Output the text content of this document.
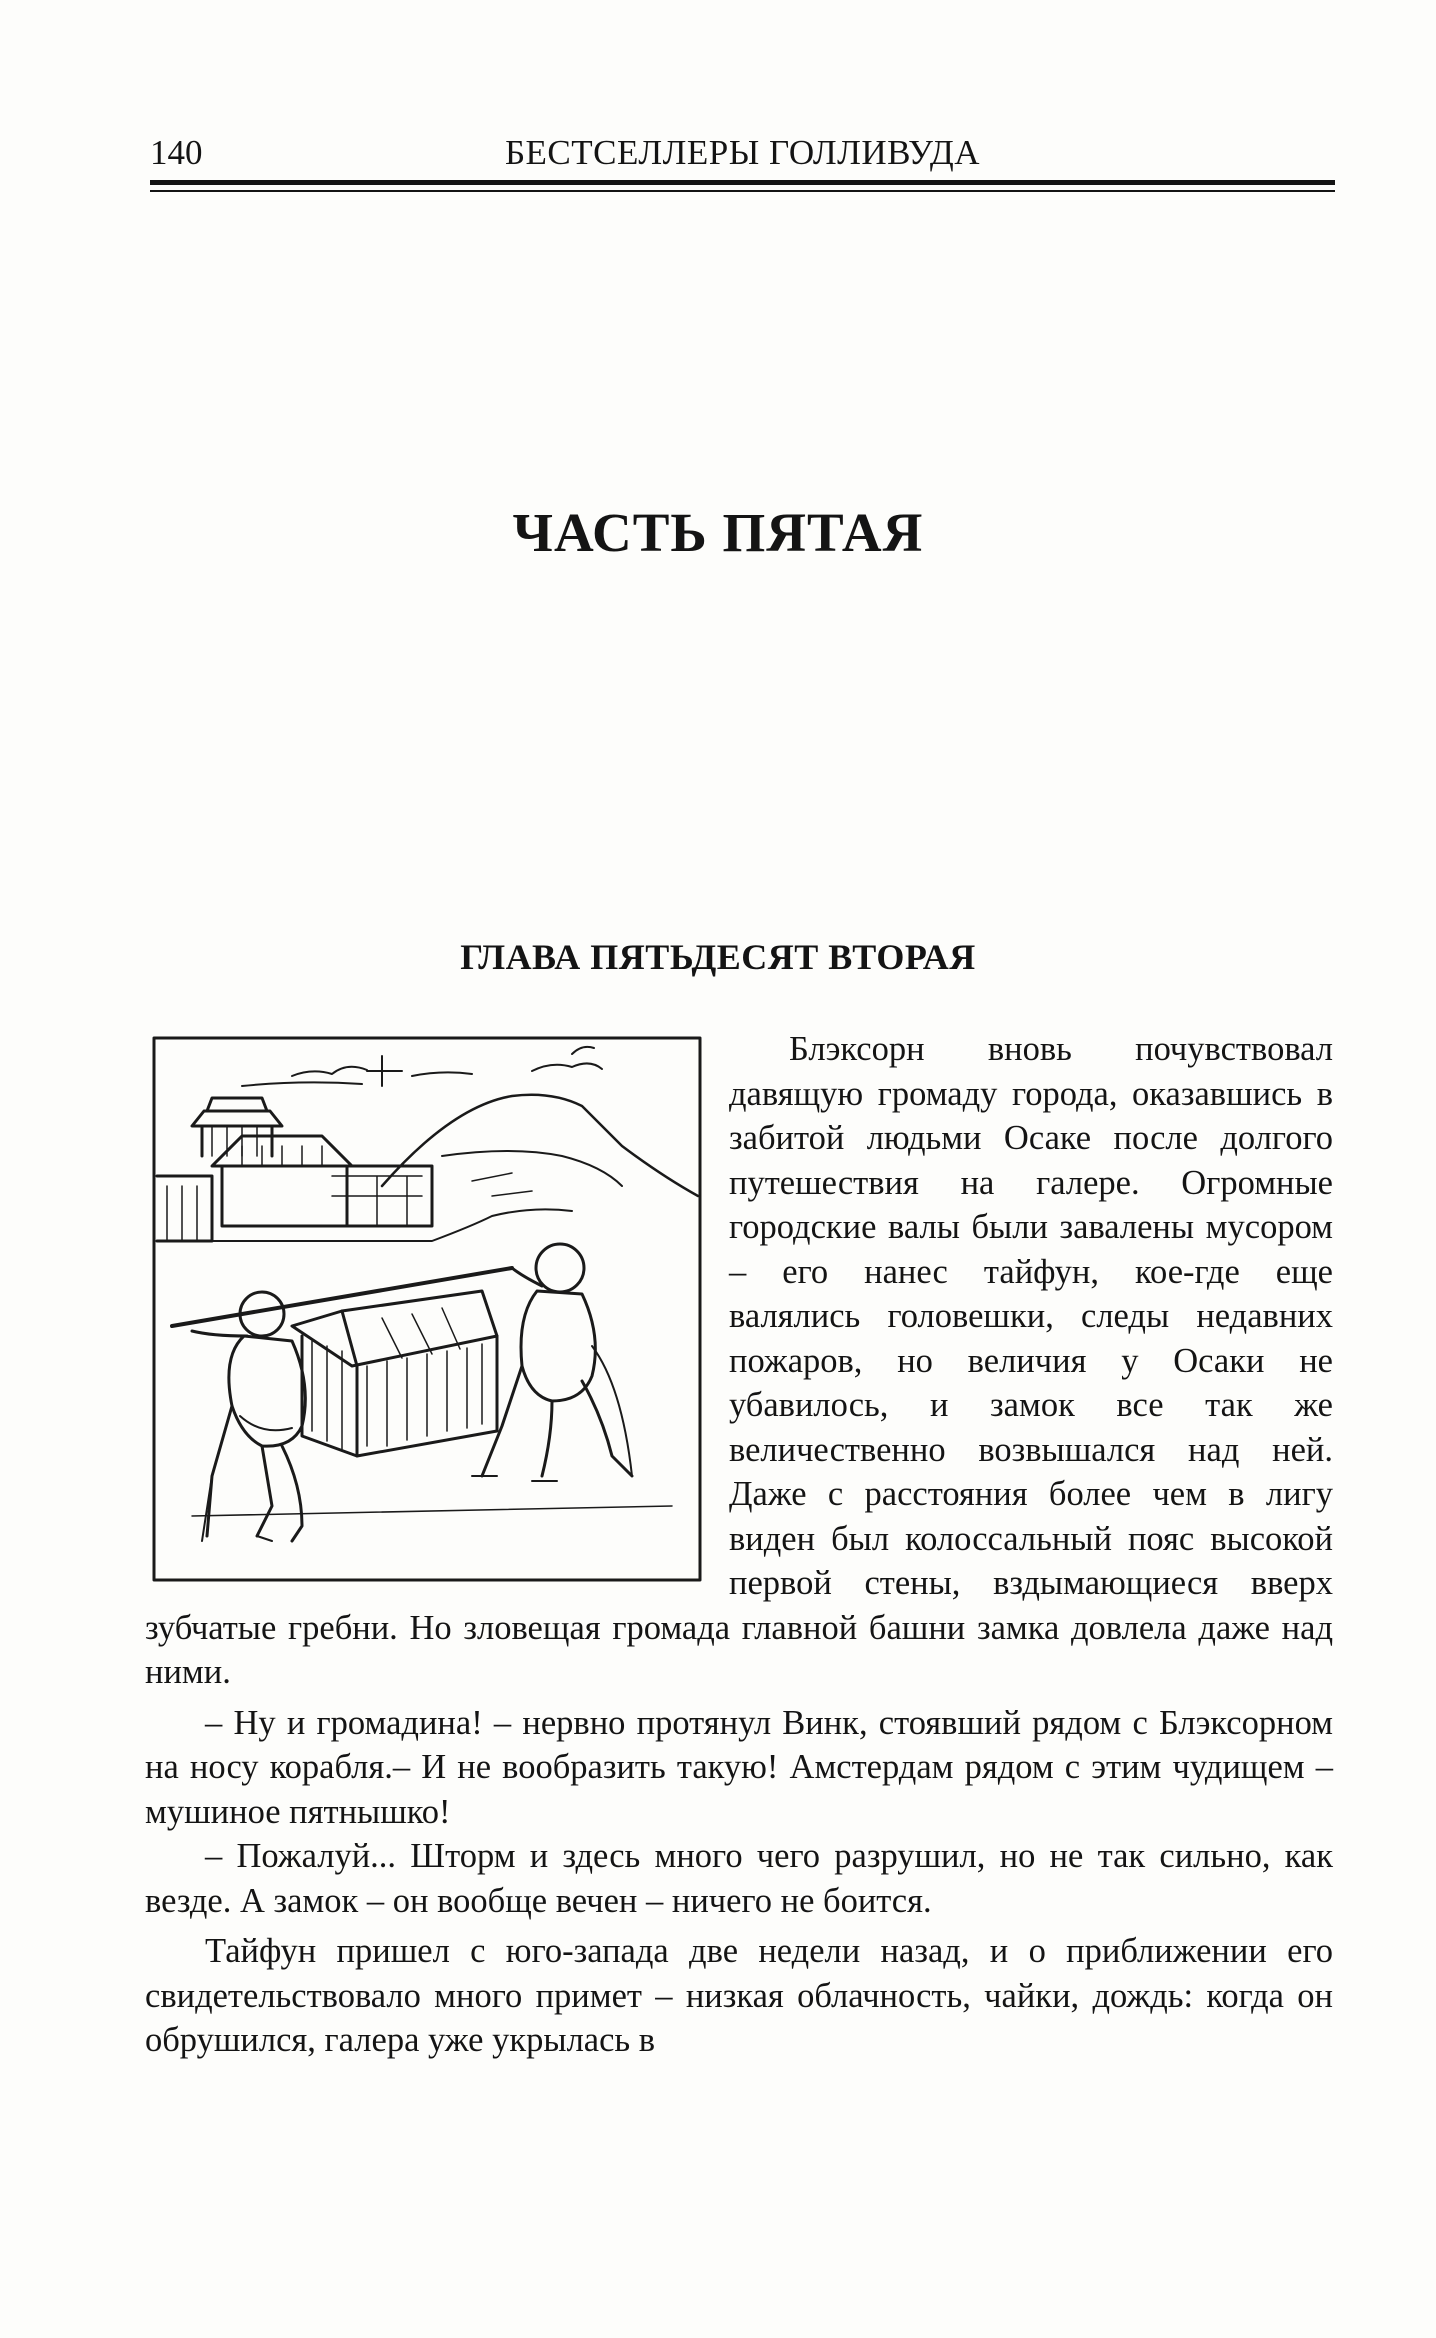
БЕСТСЕЛЛЕРЫ ГОЛЛИВУДА
140
ЧАСТЬ ПЯТАЯ
ГЛАВА ПЯТЬДЕСЯТ ВТОРАЯ

Блэксорн вновь почувствовал давящую громаду города, оказавшись в забитой людьми Осаке после долгого путешествия на галере. Огромные городские валы были завалены мусором – его нанес тайфун, кое-где еще валялись головешки, следы недавних пожаров, но величия у Осаки не убавилось, и замок все так же величественно возвышался над ней. Даже с расстояния более чем в лигу виден был колоссальный пояс высокой первой стены, вздымающиеся вверх зубчатые гребни. Но зловещая громада главной башни замка довлела даже над ними.

– Ну и громадина! – нервно протянул Винк, стоявший рядом с Блэксорном на носу корабля.– И не вообразить такую! Амстердам рядом с этим чудищем – мушиное пятнышко!

– Пожалуй... Шторм и здесь много чего разрушил, но не так сильно, как везде. А замок – он вообще вечен – ничего не боится.

Тайфун пришел с юго-запада две недели назад, и о приближении его свидетельствовало много примет – низкая облачность, чайки, дождь: когда он обрушился, галера уже укрылась в
